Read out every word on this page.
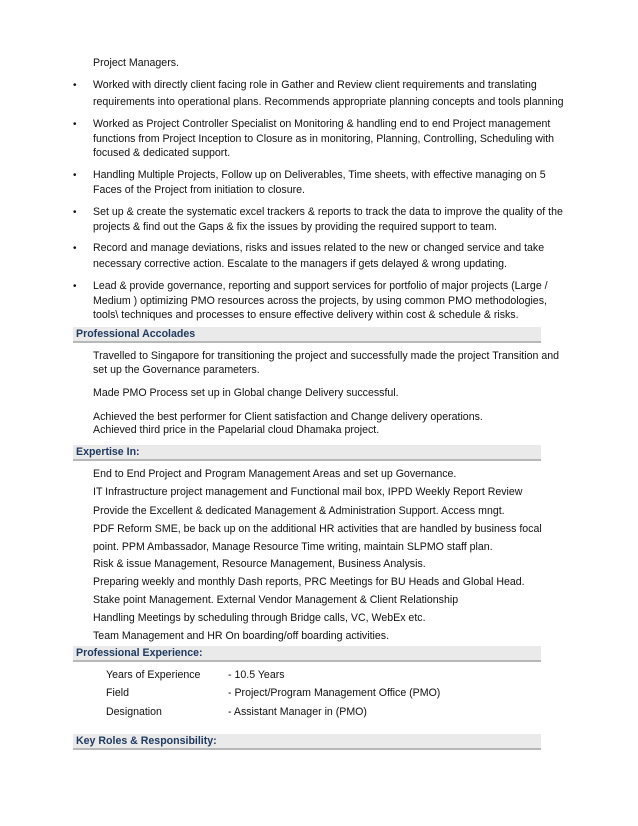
Project Managers.
• Worked with directly client facing role in Gather and Review client requirements and translating
requirements into operational plans. Recommends appropriate planning concepts and tools planning
• Worked as Project Controller Specialist on Monitoring & handling end to end Project management
functions from Project Inception to Closure as in monitoring, Planning, Controlling, Scheduling with
focused & dedicated support.
• Handling Multiple Projects, Follow up on Deliverables, Time sheets, with effective managing on 5
Faces of the Project from initiation to closure.
• Set up & create the systematic excel trackers & reports to track the data to improve the quality of the
projects & find out the Gaps & fix the issues by providing the required support to team.
• Record and manage deviations, risks and issues related to the new or changed service and take
necessary corrective action. Escalate to the managers if gets delayed & wrong updating.
• Lead & provide governance, reporting and support services for portfolio of major projects (Large /
Medium ) optimizing PMO resources across the projects, by using common PMO methodologies,
tools\ techniques and processes to ensure effective delivery within cost & schedule & risks.
Professional Accolades
Travelled to Singapore for transitioning the project and successfully made the project Transition and
set up the Governance parameters.
Made PMO Process set up in Global change Delivery successful.
Achieved the best performer for Client satisfaction and Change delivery operations.
Achieved third price in the Papelarial cloud Dhamaka project.
Expertise In:
End to End Project and Program Management Areas and set up Governance.
IT Infrastructure project management and Functional mail box, IPPD Weekly Report Review
Provide the Excellent & dedicated Management & Administration Support. Access mngt.
PDF Reform SME, be back up on the additional HR activities that are handled by business focal
point. PPM Ambassador, Manage Resource Time writing, maintain SLPMO staff plan.
Risk & issue Management, Resource Management, Business Analysis.
Preparing weekly and monthly Dash reports, PRC Meetings for BU Heads and Global Head.
Stake point Management. External Vendor Management & Client Relationship
Handling Meetings by scheduling through Bridge calls, VC, WebEx etc.
Team Management and HR On boarding/off boarding activities.
Professional Experience:
Years of Experience	- 10.5 Years
Field	- Project/Program Management Office (PMO)
Designation	- Assistant Manager in (PMO)
Key Roles & Responsibility:
